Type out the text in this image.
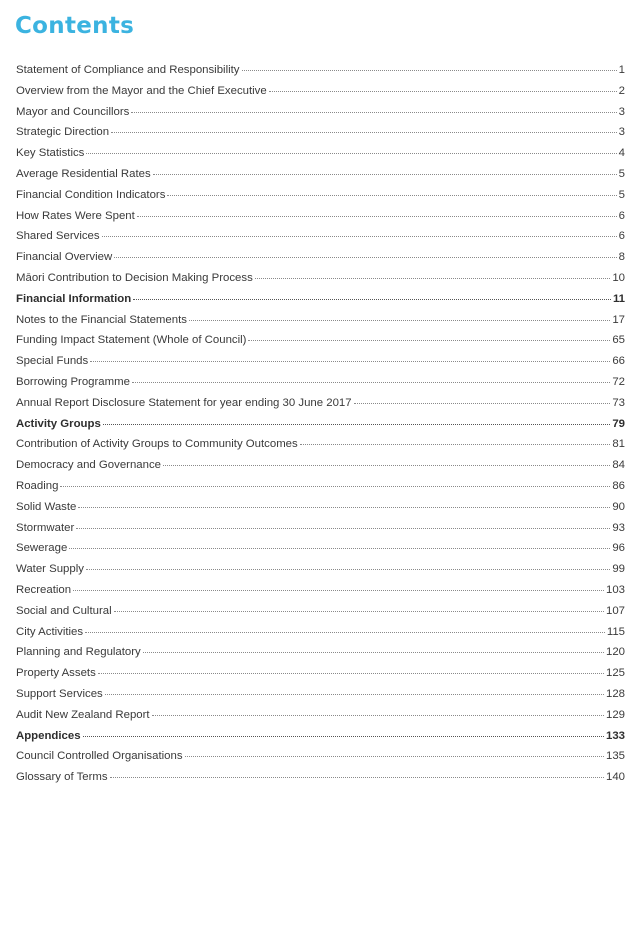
Contents
Statement of Compliance and Responsibility	1
Overview from the Mayor and the Chief Executive	2
Mayor and Councillors	3
Strategic Direction	3
Key Statistics	4
Average Residential Rates	5
Financial Condition Indicators	5
How Rates Were Spent	6
Shared Services	6
Financial Overview	8
Māori Contribution to Decision Making Process	10
Financial Information	11
Notes to the Financial Statements	17
Funding Impact Statement (Whole of Council)	65
Special Funds	66
Borrowing Programme	72
Annual Report Disclosure Statement for year ending 30 June 2017	73
Activity Groups	79
Contribution of Activity Groups to Community Outcomes	81
Democracy and Governance	84
Roading	86
Solid Waste	90
Stormwater	93
Sewerage	96
Water Supply	99
Recreation	103
Social and Cultural	107
City Activities	115
Planning and Regulatory	120
Property Assets	125
Support Services	128
Audit New Zealand Report	129
Appendices	133
Council Controlled Organisations	135
Glossary of Terms	140
